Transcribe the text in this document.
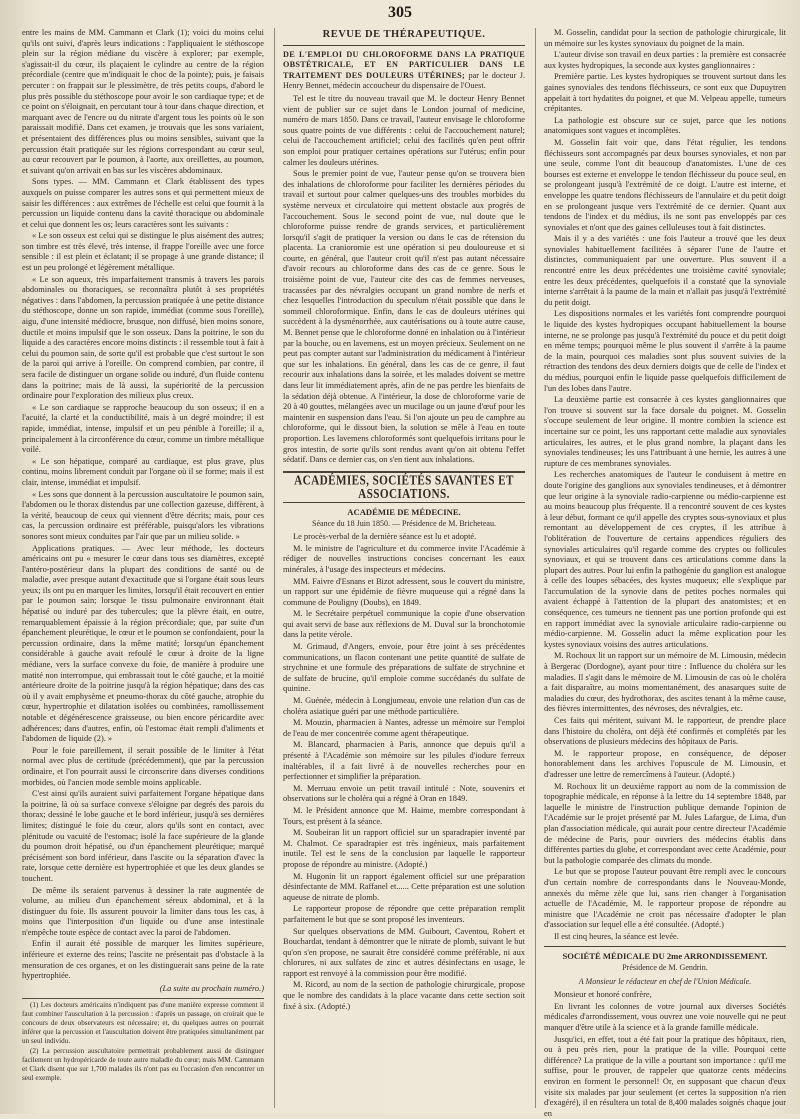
305

entre les mains de MM. Cammann et Clark (1); voici du moins celui qu'ils ont suivi, d'après leurs indications : l'appliquaient le stéthoscope plein sur la région médiane du viscère à explorer; par exemple, s'agissait-il du cœur, ils plaçaient le cylindre au centre de la région précordiale (centre que m'indiquait le choc de la pointe); puis, je faisais percuter : on frappait sur le plessimètre, de très petits coups, d'abord le plus près possible du stéthoscope pour avoir le son cardiaque type; et de ce point on s'éloignait, en percutant tour à tour dans chaque direction, et marquant avec de l'encre ou du nitrate d'argent tous les points où le son paraissait modifié. Dans cet examen, je trouvais que les sons variaient, et présentaient des différences plus ou moins sensibles, suivant que la percussion était pratiquée sur les régions correspondant au cœur seul, au cœur recouvert par le poumon, à l'aorte, aux oreillettes, au poumon, et suivant qu'on arrivait en bas sur les viscères abdominaux.

Sons types. — MM. Cammann et Clark établissent des types auxquels on puisse comparer les autres sons et qui permettent mieux de saisir les différences : aux extrêmes de l'échelle est celui que fournit à la percussion un liquide contenu dans la cavité thoracique ou abdominale et celui que donnent les os; leurs caractères sont les suivants :

« Le son osseux est celui qui se distingue le plus aisément des autres; son timbre est très élevé, très intense, il frappe l'oreille avec une force sensible : il est plein et éclatant; il se propage à une grande distance; il est un peu prolongé et légèrement métallique.

« Le son aqueux, très imparfaitement transmis à travers les parois abdominales ou thoraciques, se reconnaîtra plutôt à ses propriétés négatives : dans l'abdomen, la percussion pratiquée à une petite distance du stéthoscope, donne un son rapide, immédiat (comme sous l'oreille), aigu, d'une intensité médiocre, brusque, non diffusé, bien moins sonore, ductile et moins impulsif que le son osseux. Dans la poitrine, le son du liquide a des caractères encore moins distincts : il ressemble tout à fait à celui du poumon sain, de sorte qu'il est probable que c'est surtout le son de la paroi qui arrive à l'oreille. On comprend combien, par contre, il sera facile de distinguer un organe solide ou induré, d'un fluide contenu dans la poitrine; mais de là aussi, la supériorité de la percussion ordinaire pour l'exploration des milieux plus creux.

« Le son cardiaque se rapproche beaucoup du son osseux; il en a l'acuité, la clarté et la conductibilité, mais à un degré moindre; il est rapide, immédiat, intense, impulsif et un peu pénible à l'oreille; il a, principalement à la circonférence du cœur, comme un timbre métallique voilé.

« Le son hépatique, comparé au cardiaque, est plus grave, plus continu, moins librement conduit par l'organe où il se forme; mais il est clair, intense, immédiat et impulsif.

« Les sons que donnent à la percussion auscultatoire le poumon sain, l'abdomen ou le thorax distendus par une collection gazeuse, diffèrent, à la vérité, beaucoup de ceux qui viennent d'être décrits; mais, pour ces cas, la percussion ordinaire est préférable, puisqu'alors les vibrations sonores sont mieux conduites par l'air que par un milieu solide. »

Applications pratiques. — Avec leur méthode, les docteurs américains ont pu « mesurer le cœur dans tous ses diamètres, excepté l'antéro-postérieur dans la plupart des conditions de santé ou de maladie, avec presque autant d'exactitude que si l'organe était sous leurs yeux; ils ont pu en marquer les limites, lorsqu'il était recouvert en entier par le poumon sain; lorsque le tissu pulmonaire environnant était hépatisé ou induré par des tubercules; que la plèvre était, en outre, remarquablement épaissie à la région précordiale; que, par suite d'un épanchement pleurétique, le cœur et le poumon se confondaient, pour la percussion ordinaire, dans la même matité; lorsqu'un épanchement considérable à gauche avait refoulé le cœur à droite de la ligne médiane, vers la surface convexe du foie, de manière à produire une matité non interrompue, qui embrassait tout le côté gauche, et la moitié antérieure droite de la poitrine jusqu'à la région hépatique; dans des cas où il y avait emphysème et pneumo-thorax du côté gauche, atrophie du cœur, hypertrophie et dilatation isolées ou combinées, ramollissement notable et dégénérescence graisseuse, ou bien encore péricardite avec adhérences; dans d'autres, enfin, où l'estomac était rempli d'aliments et l'abdomen de liquide (2). »

Pour le foie pareillement, il serait possible de le limiter à l'état normal avec plus de certitude (précédemment), que par la percussion ordinaire, et l'on pourrait aussi le circonscrire dans diverses conditions morbides, où l'ancien mode semble moins applicable.

C'est ainsi qu'ils auraient suivi parfaitement l'organe hépatique dans la poitrine, là où sa surface convexe s'éloigne par degrés des parois du thorax; dessiné le lobe gauche et le bord inférieur, jusqu'à ses dernières limites; distingué le foie du cœur, alors qu'ils sont en contact, avec plénitude ou vacuité de l'estomac; isolé la face supérieure de la glande du poumon droit hépatisé, ou d'un épanchement pleurétique; marqué précisément son bord inférieur, dans l'ascite ou la séparation d'avec la rate, lorsque cette dernière est hypertrophiée et que les deux glandes se touchent.

De même ils seraient parvenus à dessiner la rate augmentée de volume, au milieu d'un épanchement séreux abdominal, et à la distinguer du foie. Ils assurent pouvoir la limiter dans tous les cas, à moins que l'interposition d'un liquide ou d'une anse intestinale n'empêche toute espèce de contact avec la paroi de l'abdomen.

Enfin il aurait été possible de marquer les limites supérieure, inférieure et externe des reins; l'ascite ne présentait pas d'obstacle à la mensuration de ces organes, et on les distinguerait sans peine de la rate hypertrophiée.

(La suite au prochain numéro.)

(1) Les docteurs américains n'indiquent pas d'une manière expresse comment il faut combiner l'auscultation à la percussion : d'après un passage, on croirait que le concours de deux observateurs est nécessaire; et, du quelques autres on pourrait inférer que la percussion et l'auscultation doivent être pratiquées simultanément par un seul individu.

(2) La percussion auscultatoire permettrait probablement aussi de distinguer facilement un hydropéricarde de toute autre maladie du cœur; mais MM. Cammann et Clark disent que sur 1,700 malades ils n'ont pas eu l'occasion d'en rencontrer un seul exemple.

REVUE DE THÉRAPEUTIQUE.
DE L'EMPLOI DU CHLOROFORME DANS LA PRATIQUE OBSTÉTRICALE, ET EN PARTICULIER DANS LE TRAITEMENT DES DOULEURS UTÉRINES; par le docteur J. Henry Bennet, médecin accoucheur du dispensaire de l'Ouest.

Tel est le titre du nouveau travail que M. le docteur Henry Bennet vient de publier sur ce sujet dans le London journal of medicine, numéro de mars 1850. Dans ce travail, l'auteur envisage le chloroforme sous quatre points de vue différents : celui de l'accouchement naturel; celui de l'accouchement artificiel; celui des facilités qu'en peut offrir son emploi pour pratiquer certaines opérations sur l'utérus; enfin pour calmer les douleurs utérines.

Sous le premier point de vue, l'auteur pense qu'on se trouvera bien des inhalations de chloroforme pour faciliter les dernières périodes du travail et surtout pour calmer quelques-uns des troubles morbides du système nerveux et circulatoire qui mettent obstacle aux progrès de l'accouchement. Sous le second point de vue, nul doute que le chloroforme puisse rendre de grands services, et particulièrement lorsqu'il s'agit de pratiquer la version ou dans le cas de rétension du placenta. La cranioromie est une opération si peu douloureuse et si courte, en général, que l'auteur croit qu'il n'est pas autant nécessaire d'avoir recours au chloroforme dans des cas de ce genre. Sous le troisième point de vue, l'auteur cite des cas de femmes nerveuses, tracassées par des névralgies occupant un grand nombre de nerfs et chez lesquelles l'introduction du speculum n'était possible que dans le sommeil chloroformique. Enfin, dans le cas de douleurs utérines qui succèdent à la dysménorrhée, aux cautérisations ou à toute autre cause, M. Bennet pense que le chloroforme donné en inhalation ou à l'intérieur par la bouche, ou en lavemens, est un moyen précieux. Seulement on ne peut pas compter autant sur l'administration du médicament à l'intérieur que sur les inhalations. En général, dans les cas de ce genre, il faut recourir aux inhalations dans la soirée, et les malades doivent se mettre dans leur lit immédiatement après, afin de ne pas perdre les bienfaits de la sédation déjà obtenue. A l'intérieur, la dose de chloroforme varie de 20 à 40 gouttes, mélangées avec un mucilage ou un jaune d'œuf pour les maintenir en suspension dans l'eau. Si l'on ajoute un peu de camphre au chloroforme, qui le dissout bien, la solution se mêle à l'eau en toute proportion. Les lavemens chloroformés sont quelquefois irritans pour le gros intestin, de sorte qu'ils sont rendus avant qu'on ait obtenu l'effet sédatif. Dans ce dernier cas, on s'en tient aux inhalations.

ACADÉMIES, SOCIÉTÉS SAVANTES ET ASSOCIATIONS.
ACADÉMIE DE MÉDECINE.
Séance du 18 Juin 1850. — Présidence de M. Bricheteau.

Le procès-verbal de la dernière séance est lu et adopté.

M. le ministre de l'agriculture et du commerce invite l'Académie à rédiger de nouvelles instructions concises concernant les eaux minérales, à l'usage des inspecteurs et médecins.

MM. Faivre d'Esnans et Bizot adressent, sous le couvert du ministre, un rapport sur une épidémie de fièvre muqueuse qui a régné dans la commune de Pouligny (Doubs), en 1849.

M. le Secrétaire perpétuel communique la copie d'une observation qui avait servi de base aux réflexions de M. Duval sur la bronchotomie dans la petite vérole.

M. Grimaud, d'Angers, envoie, pour être joint à ses précédentes communications, un flacon contenant une petite quantité de sulfate de strychnine et une formule des préparations de sulfate de strychnine et de sulfate de brucine, qu'il emploie comme succédanés du sulfate de quinine.

M. Guénée, médecin à Longjumeau, envoie une relation d'un cas de choléra asiatique guéri par une méthode particulière.

M. Mouzin, pharmacien à Nantes, adresse un mémoire sur l'emploi de l'eau de mer concentrée comme agent thérapeutique.

M. Blancard, pharmacien à Paris, annonce que depuis qu'il a présenté à l'Académie son mémoire sur les pilules d'iodure ferreux inaltérables, il a fait livré à de nouvelles recherches pour en perfectionner et simplifier la préparation.

M. Merruau envoie un petit travail intitulé : Note, souvenirs et observations sur le choléra qui a régné à Oran en 1849.

M. le Président annonce que M. Haime, membre correspondant à Tours, est présent à la séance.

M. Soubeiran lit un rapport officiel sur un sparadrapier inventé par M. Chalmot. Ce sparadrapier est très ingénieux, mais parfaitement inutile. Tel est le sens de la conclusion par laquelle le rapporteur propose de répondre au ministre. (Adopté.)

M. Hugonin lit un rapport également officiel sur une préparation désinfectante de MM. Raffanel et...... Cette préparation est une solution aqueuse de nitrate de plomb.

Le rapporteur propose de répondre que cette préparation remplit parfaitement le but que se sont proposé les inventeurs.

Sur quelques observations de MM. Guibourt, Caventou, Robert et Bouchardat, tendant à démontrer que le nitrate de plomb, suivant le but qu'on s'en propose, ne saurait être considéré comme préférable, ni aux chlorures, ni aux sulfates de zinc et autres désinfectans en usage, le rapport est renvoyé à la commission pour être modifié.

M. Ricord, au nom de la section de pathologie chirurgicale, propose que le nombre des candidats à la place vacante dans cette section soit fixé à six. (Adopté.)

M. Gosselin, candidat pour la section de pathologie chirurgicale, lit un mémoire sur les kystes synoviaux du poignet de la main.

L'auteur divise son travail en deux parties : la première est consacrée aux kystes hydropiques, la seconde aux kystes ganglionnaires :

Première partie. Les kystes hydropiques se trouvent surtout dans les gaines synoviales des tendons fléchisseurs, ce sont eux que Dupuytren appelait à tort hydatites du poignet, et que M. Velpeau appelle, tumeurs crépitantes.

La pathologie est obscure sur ce sujet, parce que les notions anatomiques sont vagues et incomplètes.

M. Gosselin fait voir que, dans l'état régulier, les tendons fléchisseurs sont accompagnés par deux bourses synoviales, et non par une seule, comme l'ont dit beaucoup d'anatomistes. L'une de ces bourses est externe et enveloppe le tendon fléchisseur du pouce seul, en se prolongeant jusqu'à l'extrémité de ce doigt. L'autre est interne, et enveloppe les quatre tendons fléchisseurs de l'annulaire et du petit doigt en se prolongeant jusque vers l'extrémité de ce dernier. Quant aux tendons de l'index et du médius, ils ne sont pas enveloppés par ces synoviales et n'ont que des gaines celluleuses tout à fait distinctes.

Mais il y a des variétés : une fois l'auteur a trouvé que les deux synoviales habituellement facilitées à séparer l'une de l'autre et distinctes, communiquaient par une ouverture. Plus souvent il a rencontré entre les deux précédentes une troisième cavité synoviale; entre les deux précédentes, quelquefois il a constaté que la synoviale interne s'arrêtait à la paume de la main et n'allait pas jusqu'à l'extrémité du petit doigt.

Les dispositions normales et les variétés font comprendre pourquoi le liquide des kystes hydropiques occupant habituellement la bourse interne, ne se prolonge pas jusqu'à l'extrémité du pouce et du petit doigt en même temps; pourquoi même le plus souvent il s'arrête à la paume de la main, pourquoi ces maladies sont plus souvent suivies de la rétraction des tendons des deux derniers doigts que de celle de l'index et du médius, pourquoi enfin le liquide passe quelquefois difficilement de l'un des lobes dans l'autre.

La deuxième partie est consacrée à ces kystes ganglionnaires que l'on trouve si souvent sur la face dorsale du poignet. M. Gosselin s'occupe seulement de leur origine. Il montre combien la science est incertaine sur ce point, les uns rapportant cette maladie aux synoviales articulaires, les autres, et le plus grand nombre, la plaçant dans les synoviales tendineuses; les uns l'attribuant à une hernie, les autres à une rupture de ces membranes synoviales.

Les recherches anatomiques de l'auteur le conduisent à mettre en doute l'origine des ganglions aux synoviales tendineuses, et à démontrer que leur origine à la synoviale radio-carpienne ou médio-carpienne est au moins beaucoup plus fréquente. Il a rencontré souvent de ces kystes à leur début, formant ce qu'il appelle des cryptes sous-synoviaux et plus remontant au développement de ces cryptes, il les attribue à l'oblitération de l'ouverture de certains appendices réguliers des synoviales articulaires qu'il regarde comme des cryptes ou follicules synoviaux, et qui se trouvent dans ces articulations comme dans la plupart des autres. Pour lui enfin la pathogénie du ganglion est analogue à celle des loupes sébacées, des kystes muqueux; elle s'explique par l'accumulation de la synovie dans de petites poches normales qui avaient échappé à l'attention de la plupart des anatomistes; et en conséquence, ces tumeurs ne tiennent pas une portion profonde qui est en rapport immédiat avec la synoviale articulaire radio-carpienne ou médio-carpienne. M. Gosselin aduct la même explication pour les kystes synoviaux voisins des autres articulations.

M. Rochoux lit un rapport sur un mémoire de M. Limousin, médecin à Bergerac (Dordogne), ayant pour titre : Influence du choléra sur les maladies. Il s'agit dans le mémoire de M. Limousin de cas où le choléra a fait disparaître, au moins momentanément, des anasarques suite de maladies du cœur, des hydrothorax, des ascites tenant à la même cause, des fièvres intermittentes, des névroses, des névralgies, etc.

Ces faits qui méritent, suivant M. le rapporteur, de prendre place dans l'histoire du choléra, ont déjà été confirmés et complétés par les observations de plusieurs médecins des hôpitaux de Paris.

M. le rapporteur propose, en conséquence, de déposer honorablement dans les archives l'opuscule de M. Limousin, et d'adresser une lettre de remercîmens à l'auteur. (Adopté.)

M. Rochoux lit un deuxième rapport au nom de la commission de topographie médicale, en réponse à la lettre du 14 septembre 1848, par laquelle le ministre de l'instruction publique demande l'opinion de l'Académie sur le projet présenté par M. Jules Lafargue, de Lima, d'un plan d'association médicale, qui aurait pour centre directeur l'Académie de médecine de Paris, pour ouvriers des médecins établis dans différentes parties du globe, et correspondant avec cette Académie, pour but la pathologie comparée des climats du monde.

Le but que se propose l'auteur pouvant être rempli avec le concours d'un certain nombre de correspondants dans le Nouveau-Monde, annexés du même zèle que lui, sans rien changer à l'organisation actuelle de l'Académie, M. le rapporteur propose de répondre au ministre que l'Académie ne croit pas nécessaire d'adopter le plan d'association sur lequel elle a été consultée. (Adopté.)

Il est cinq heures, la séance est levée.

SOCIÉTÉ MÉDICALE DU 2me ARRONDISSEMENT.
Présidence de M. Gendrin.
A Monsieur le rédacteur en chef de l'Union Médicale.

Monsieur et honoré confrère,

En livrant les colonnes de votre journal aux diverses Sociétés médicales d'arrondissement, vous ouvrez une voie nouvelle qui ne peut manquer d'être utile à la science et à la grande famille médicale.

Jusqu'ici, en effet, tout a été fait pour la pratique des hôpitaux, rien, ou à peu près rien, pour la pratique de la ville. Pourquoi cette différence? La pratique de la ville a pourtant son importance : qu'il me suffise, pour le prouver, de rappeler que quatorze cents médecins environ en forment le personnel! Or, en supposant que chacun d'eux visite six malades par jour seulement (et certes la supposition n'a rien d'exagéré), il en résultera un total de 8,400 malades soignés chaque jour en
